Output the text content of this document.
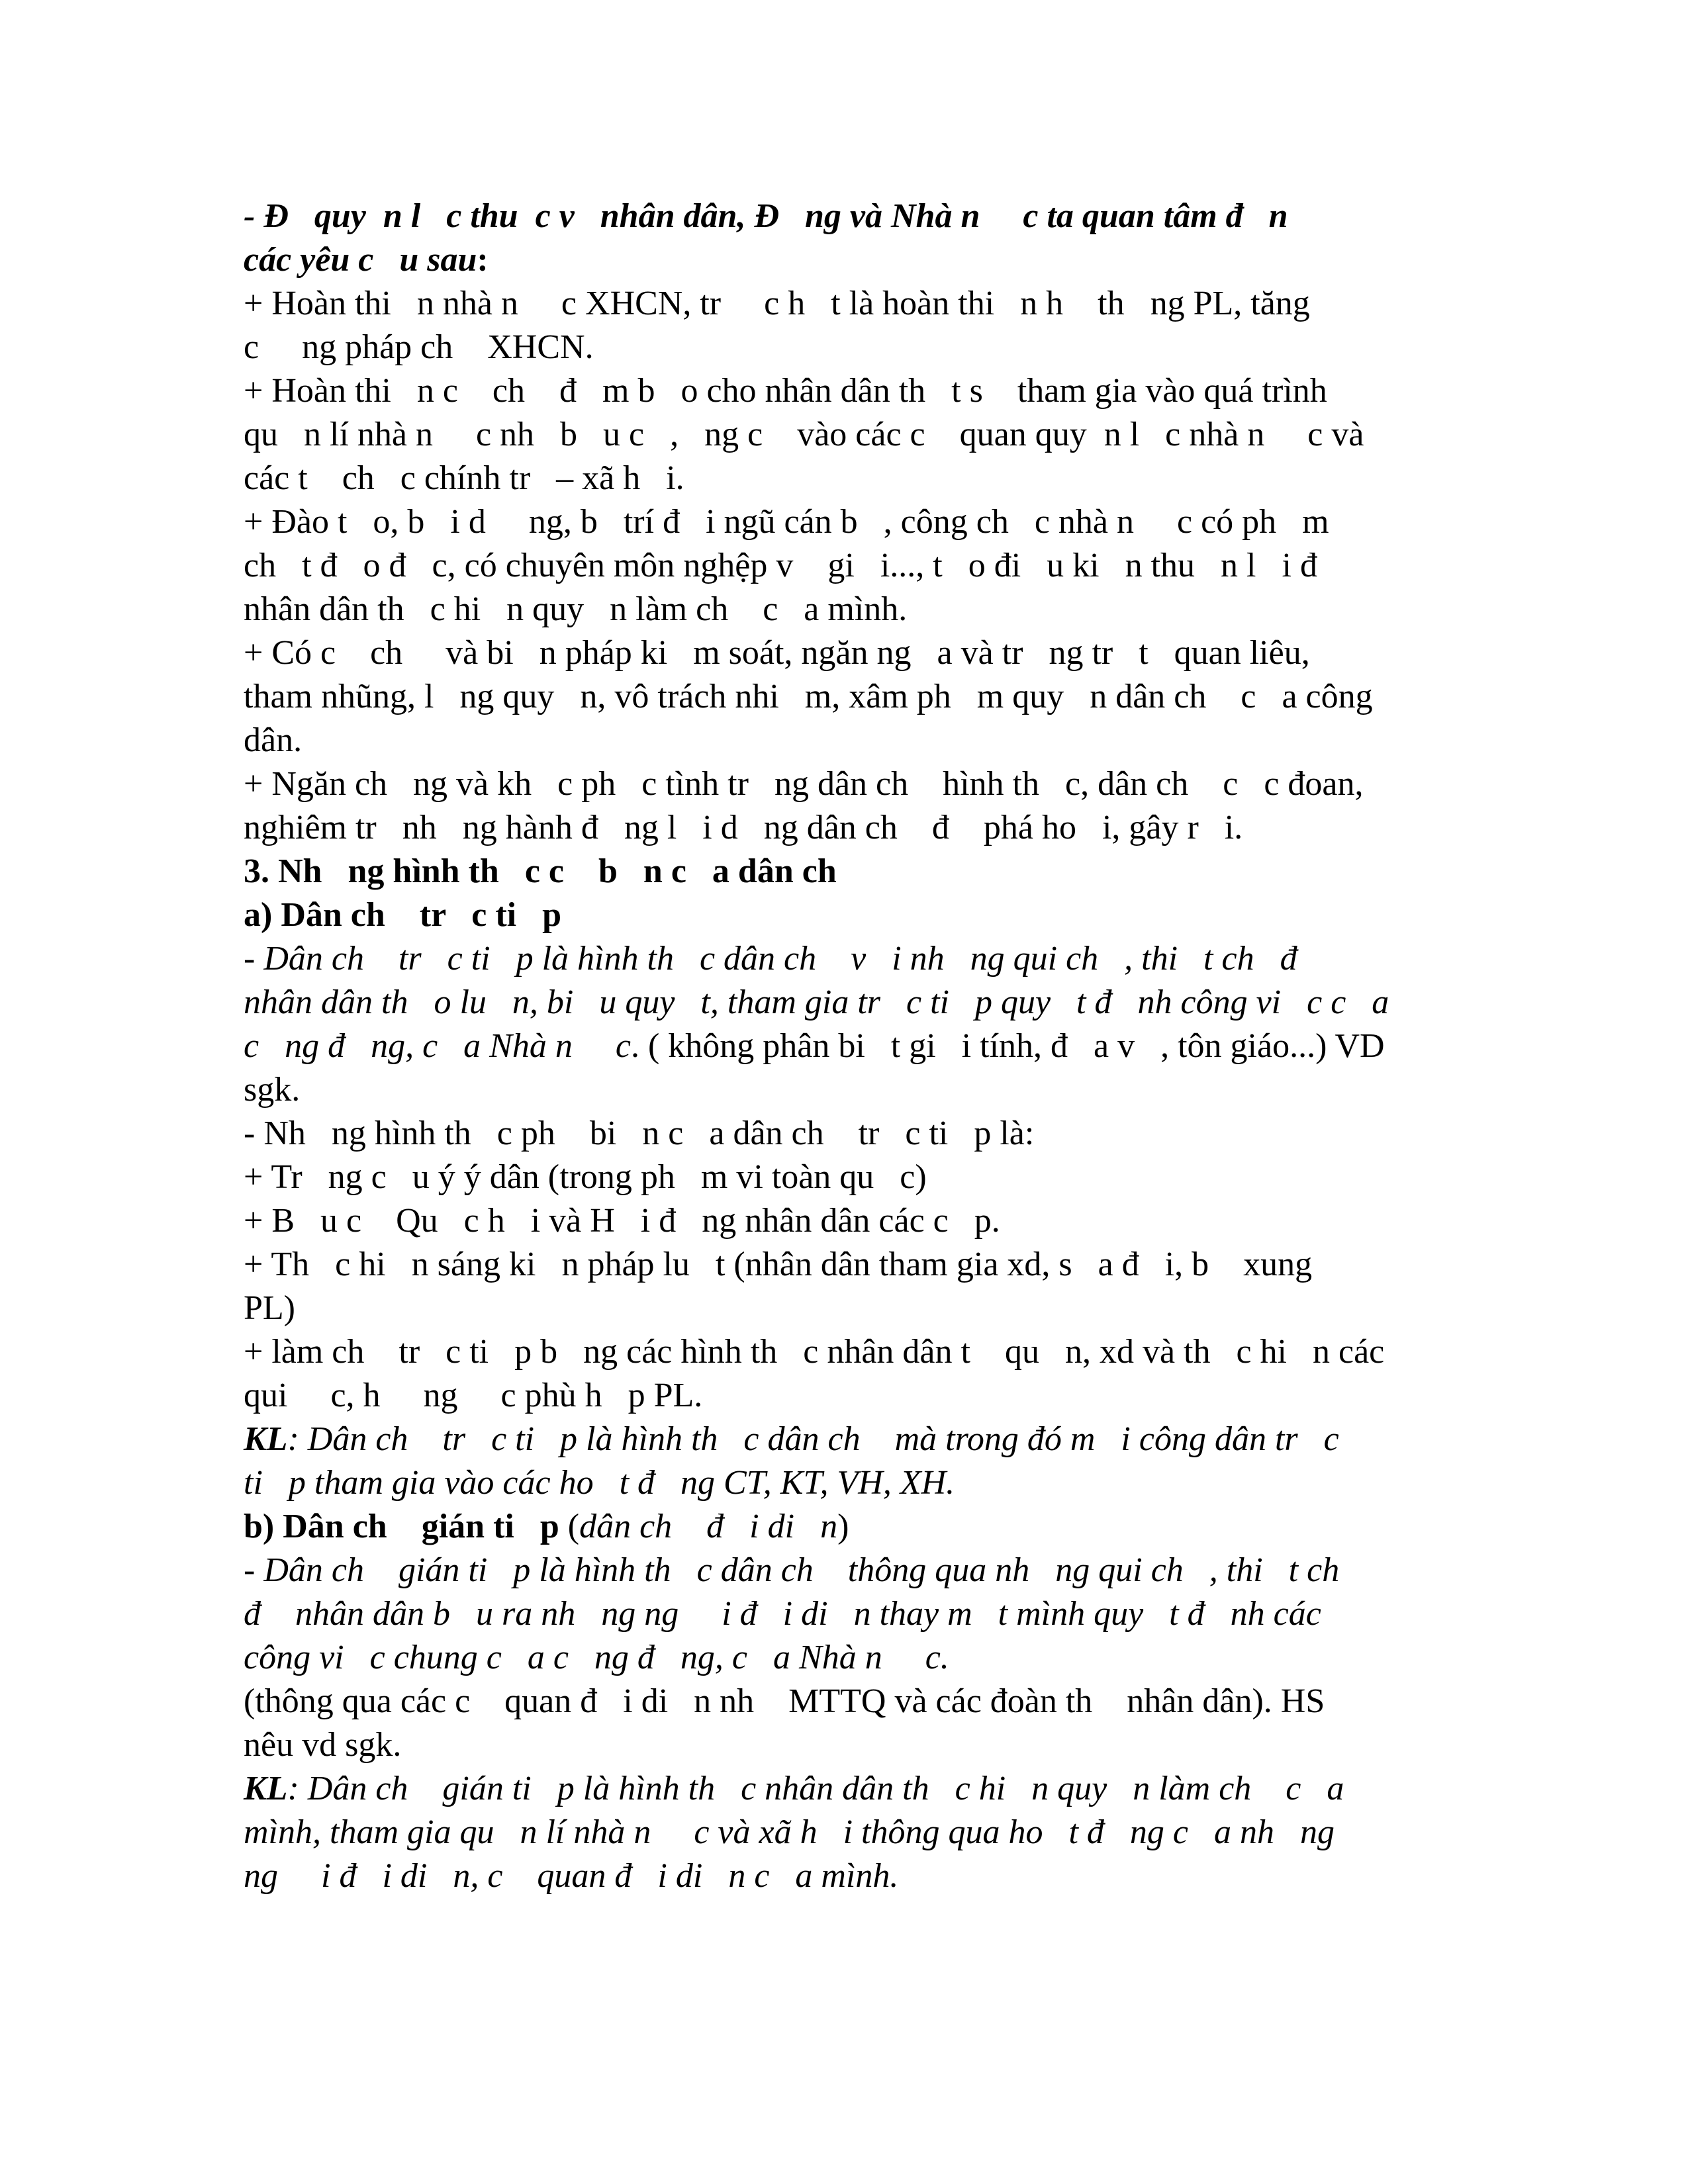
- Đ   quy  n l   c thu  c v   nhân dân, Đ   ng và Nhà n     c ta quan tâm đ   n
các yêu c   u sau:
+ Hoàn thi   n nhà n     c XHCN, tr     c h   t là hoàn thi   n h    th   ng PL, tăng
c     ng pháp ch    XHCN.
+ Hoàn thi   n c    ch    đ   m b   o cho nhân dân th   t s    tham gia vào quá trình
qu   n lí nhà n     c nh   b   u c   ,   ng c    vào các c    quan quy  n l   c nhà n     c và
các t    ch   c chính tr   – xã h   i.
+ Đào t   o, b   i d     ng, b   trí đ   i ngũ cán b   , công ch   c nhà n     c có ph   m
ch   t đ   o đ   c, có chuyên môn nghệp v    gi   i..., t   o đi   u ki   n thu   n l   i đ
nhân dân th   c hi   n quy   n làm ch    c   a mình.
+ Có c    ch     và bi   n pháp ki   m soát, ngăn ng   a và tr   ng tr   t   quan liêu,
tham nhũng, l   ng quy   n, vô trách nhi   m, xâm ph   m quy   n dân ch    c   a công
dân.
+ Ngăn ch   ng và kh   c ph   c tình tr   ng dân ch    hình th   c, dân ch    c   c đoan,
nghiêm tr   nh   ng hành đ   ng l   i d   ng dân ch    đ    phá ho   i, gây r   i.
3. Nh   ng hình th   c c    b   n c   a dân ch
a) Dân ch    tr   c ti   p
- Dân ch    tr   c ti   p là hình th   c dân ch    v   i nh   ng qui ch   , thi   t ch   đ
nhân dân th   o lu   n, bi   u quy   t, tham gia tr   c ti   p quy   t đ   nh công vi   c c   a
c   ng đ   ng, c   a Nhà n     c. ( không phân bi   t gi   i tính, đ   a v   , tôn giáo...) VD
sgk.
- Nh   ng hình th   c ph    bi   n c   a dân ch    tr   c ti   p là:
+ Tr   ng c   u ý ý dân (trong ph   m vi toàn qu   c)
+ B   u c    Qu   c h   i và H   i đ   ng nhân dân các c   p.
+ Th   c hi   n sáng ki   n pháp lu   t (nhân dân tham gia xd, s   a đ   i, b    xung
PL)
+ làm ch    tr   c ti   p b   ng các hình th   c nhân dân t    qu   n, xd và th   c hi   n các
qui     c, h     ng     c phù h   p PL.
KL: Dân ch    tr   c ti   p là hình th   c dân ch    mà trong đó m   i công dân tr   c
ti   p tham gia vào các ho   t đ   ng CT, KT, VH, XH.
b) Dân ch    gián ti   p (dân ch    đ   i di   n)
- Dân ch    gián ti   p là hình th   c dân ch    thông qua nh   ng qui ch   , thi   t ch
đ    nhân dân b   u ra nh   ng ng     i đ   i di   n thay m   t mình quy   t đ   nh các
công vi   c chung c   a c   ng đ   ng, c   a Nhà n     c.
(thông qua các c    quan đ   i di   n nh    MTTQ và các đoàn th    nhân dân). HS
nêu vd sgk.
KL: Dân ch    gián ti   p là hình th   c nhân dân th   c hi   n quy   n làm ch    c   a
mình, tham gia qu   n lí nhà n     c và xã h   i thông qua ho   t đ   ng c   a nh   ng
ng     i đ   i di   n, c    quan đ   i di   n c   a mình.
